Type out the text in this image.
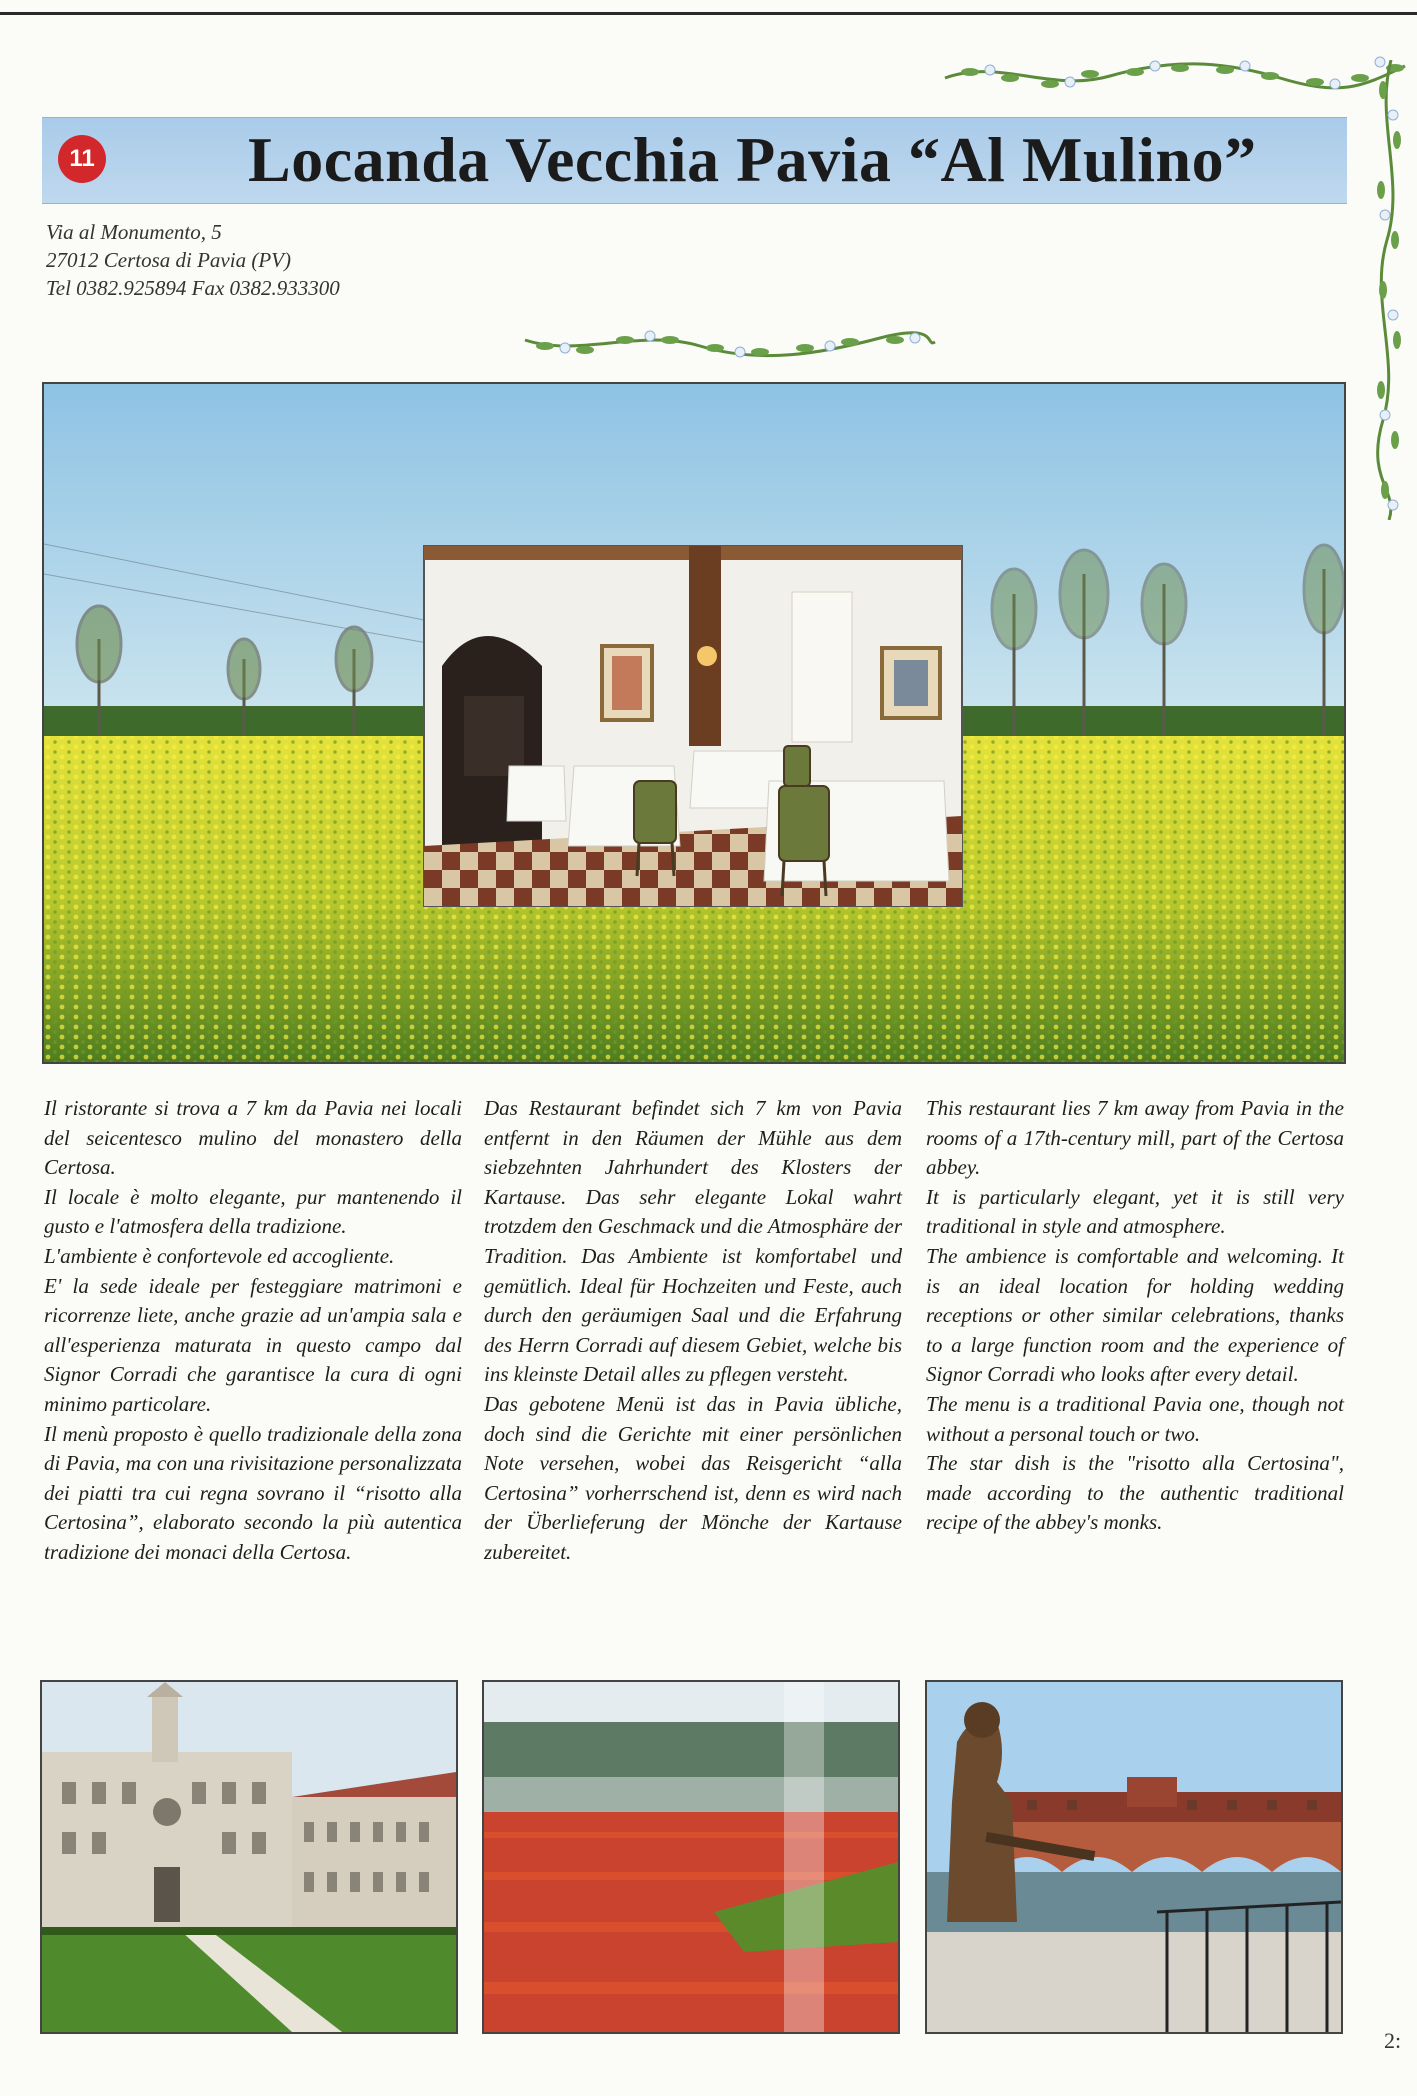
11 Locanda Vecchia Pavia “Al Mulino”
Via al Monumento, 5
27012 Certosa di Pavia (PV)
Tel 0382.925894 Fax 0382.933300

Il ristorante si trova a 7 km da Pavia nei locali del seicentesco mulino del monastero della Certosa.

Il locale è molto elegante, pur mantenendo il gusto e l'atmosfera della tradizione.

L'ambiente è confortevole ed accogliente.

E' la sede ideale per festeggiare matrimoni e ricorrenze liete, anche grazie ad un'ampia sala e all'esperienza maturata in questo campo dal Signor Corradi che garantisce la cura di ogni minimo particolare.

Il menù proposto è quello tradizionale della zona di Pavia, ma con una rivisitazione personalizzata dei piatti tra cui regna sovrano il “risotto alla Certosina”, elaborato secondo la più autentica tradizione dei monaci della Certosa.

Das Restaurant befindet sich 7 km von Pavia entfernt in den Räumen der Mühle aus dem siebzehnten Jahrhundert des Klosters der Kartause. Das sehr elegante Lokal wahrt trotzdem den Geschmack und die Atmosphäre der Tradition. Das Ambiente ist komfortabel und gemütlich. Ideal für Hochzeiten und Feste, auch durch den geräumigen Saal und die Erfahrung des Herrn Corradi auf diesem Gebiet, welche bis ins kleinste Detail alles zu pflegen versteht.

Das gebotene Menü ist das in Pavia übliche, doch sind die Gerichte mit einer persönlichen Note versehen, wobei das Reisgericht “alla Certosina” vorherrschend ist, denn es wird nach der Überlieferung der Mönche der Kartause zubereitet.

This restaurant lies 7 km away from Pavia in the rooms of a 17th-century mill, part of the Certosa abbey.

It is particularly elegant, yet it is still very traditional in style and atmosphere.

The ambience is comfortable and welcoming. It is an ideal location for holding wedding receptions or other similar celebrations, thanks to a large function room and the experience of Signor Corradi who looks after every detail.

The menu is a traditional Pavia one, though not without a personal touch or two.

The star dish is the "risotto alla Certosina", made according to the authentic traditional recipe of the abbey's monks.

2:
